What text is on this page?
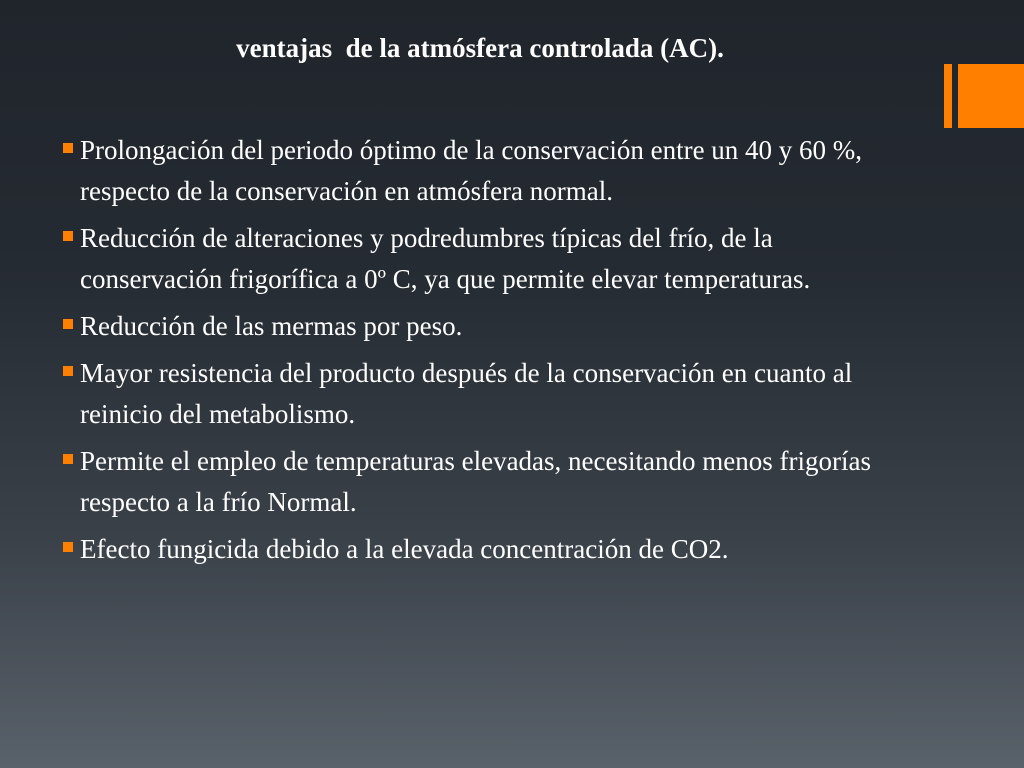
ventajas  de la atmósfera controlada (AC).
Prolongación del periodo óptimo de la conservación entre un 40 y 60 %, respecto de la conservación en atmósfera normal.
Reducción de alteraciones y podredumbres típicas del frío, de la conservación frigorífica a 0º C, ya que permite elevar temperaturas.
Reducción de las mermas por peso.
Mayor resistencia del producto después de la conservación en cuanto al reinicio del metabolismo.
Permite el empleo de temperaturas elevadas, necesitando menos frigorías respecto a la frío Normal.
Efecto fungicida debido a la elevada concentración de CO2.
